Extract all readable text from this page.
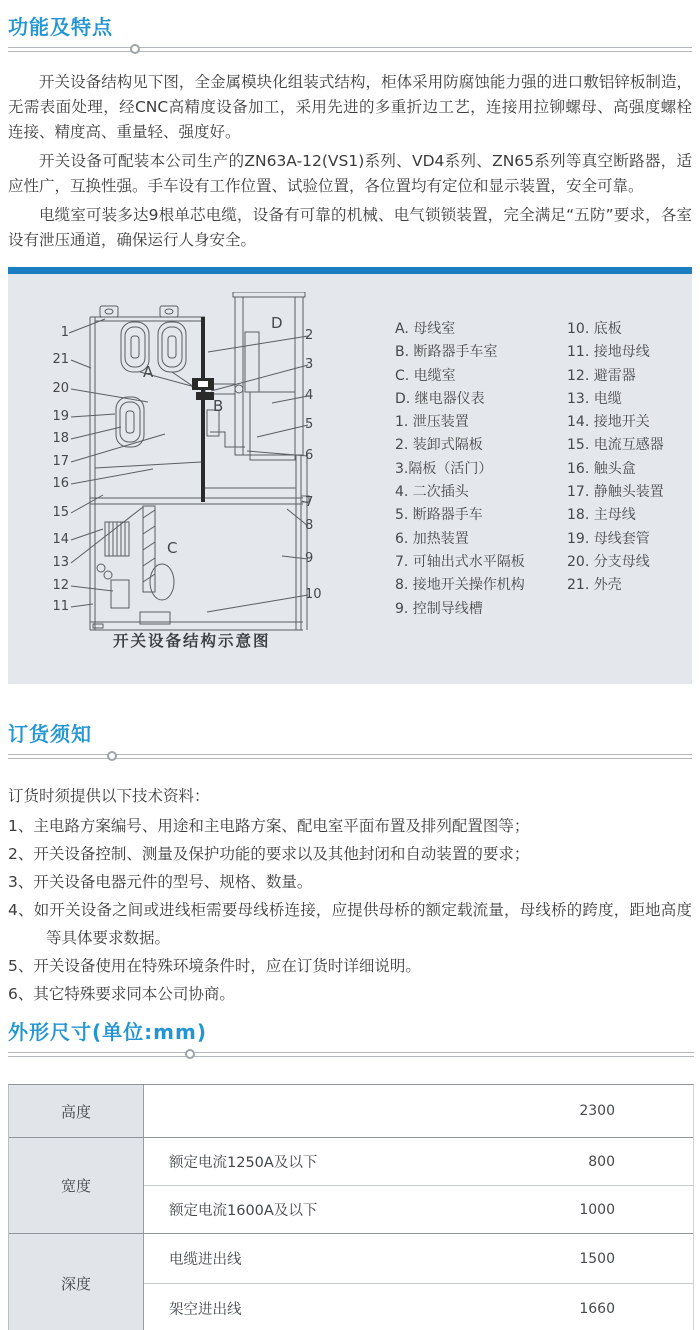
功能及特点

开关设备结构见下图，全金属模块化组装式结构，柜体采用防腐蚀能力强的进口敷铝锌板制造，无需表面处理，经CNC高精度设备加工，采用先进的多重折边工艺，连接用拉铆螺母、高强度螺栓连接、精度高、重量轻、强度好。

开关设备可配装本公司生产的ZN63A-12(VS1)系列、VD4系列、ZN65系列等真空断路器，适应性广，互换性强。手车设有工作位置、试验位置，各位置均有定位和显示装置，安全可靠。

电缆室可装多达9根单芯电缆，设备有可靠的机械、电气锁锁装置，完全满足“五防”要求，各室设有泄压通道，确保运行人身安全。

1
21
20
19
18
17
16
15
14
13
12
11
2
3
4
5
6
7
8
9
10
A
B
C
D	A. 母线室
B. 断路器手车室
C. 电缆室
D. 继电器仪表
1. 泄压装置
2. 装卸式隔板
3.隔板（活门）
4. 二次插头
5. 断路器手车
6. 加热装置
7. 可轴出式水平隔板
8. 接地开关操作机构
9. 控制导线槽
10. 底板
11. 接地母线
12. 避雷器
13. 电缆
14. 接地开关
15. 电流互感器
16. 触头盒
17. 静触头装置
18. 主母线
19. 母线套管
20. 分支母线
21. 外壳
开关设备结构示意图
订货须知
订货时须提供以下技术资料：
1、主电路方案编号、用途和主电路方案、配电室平面布置及排列配置图等；
2、开关设备控制、测量及保护功能的要求以及其他封闭和自动装置的要求；
3、开关设备电器元件的型号、规格、数量。
4、如开关设备之间或进线柜需要母线桥连接，应提供母桥的额定载流量，母线桥的跨度，距地高度等具体要求数据。
5、开关设备使用在特殊环境条件时，应在订货时详细说明。
6、其它特殊要求同本公司协商。
外形尺寸(单位:mm)
高度	2300
宽度
额定电流1250A及以下	800
额定电流1600A及以下	1000
深度
电缆进出线	1500
架空进出线	1660
